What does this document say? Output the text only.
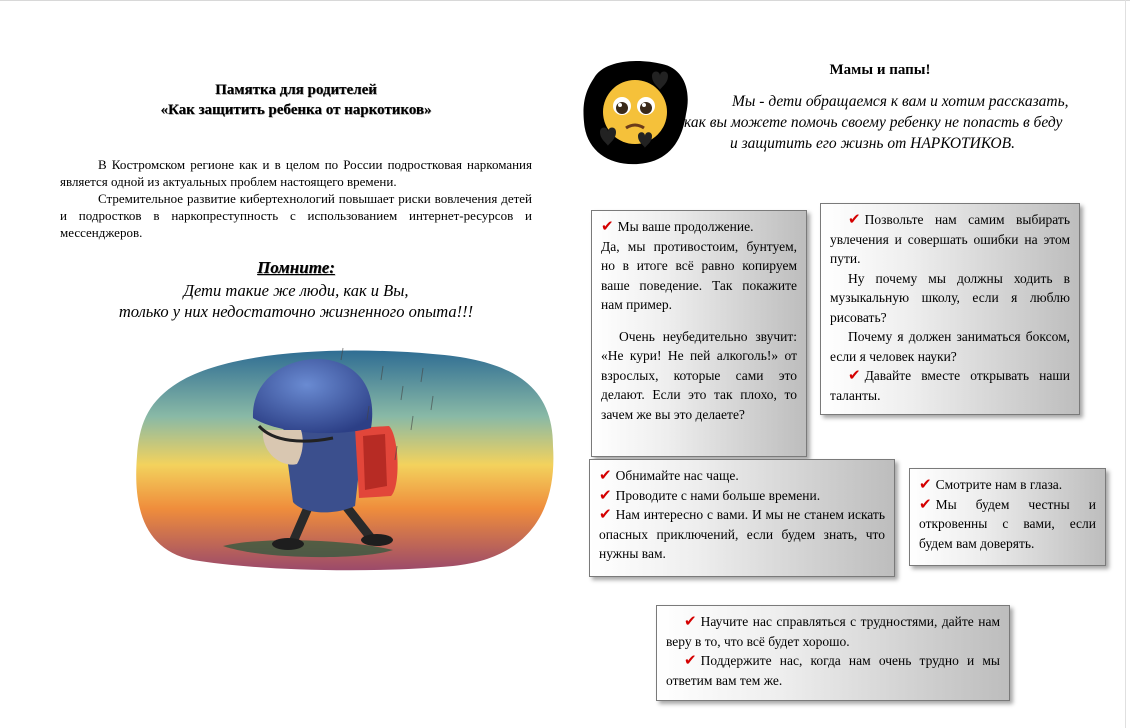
Памятка для родителей
«Как защитить ребенка от наркотиков»

В Костромском регионе как и в целом по России подростковая наркомания является одной из актуальных проблем настоящего времени.

Стремительное развитие кибертехнологий повышает риски вовлечения детей и подростков в наркопреступность с использованием интернет-ресурсов и мессенджеров.

Помните:
Дети такие же люди, как и Вы,
только у них недостаточно жизненного опыта!!!
Мамы и папы!
Мы - дети обращаемся к вам и хотим рассказать,
как вы можете помочь своему ребенку не попасть в беду
и защитить его жизнь от НАРКОТИКОВ.

✔ Мы ваше продолжение.

Да, мы противостоим, бунтуем, но в итоге всё равно копируем ваше поведение. Так покажите нам пример.

Очень неубедительно звучит: «Не кури! Не пей алкоголь!» от взрослых, которые сами это делают. Если это так плохо, то зачем же вы это делаете?

✔ Позвольте нам самим выбирать увлечения и совершать ошибки на этом пути.

Ну почему мы должны ходить в музыкальную школу, если я люблю рисовать?

Почему я должен заниматься боксом, если я человек науки?

✔ Давайте вместе открывать наши таланты.

✔ Обнимайте нас чаще.

✔ Проводите с нами больше времени.

✔ Нам интересно с вами. И мы не станем искать опасных приключений, если будем знать, что нужны вам.

✔ Смотрите нам в глаза.

✔ Мы будем честны и откровенны с вами, если будем вам доверять.

✔ Научите нас справляться с трудностями, дайте нам веру в то, что всё будет хорошо.

✔ Поддержите нас, когда нам очень трудно и мы ответим вам тем же.
